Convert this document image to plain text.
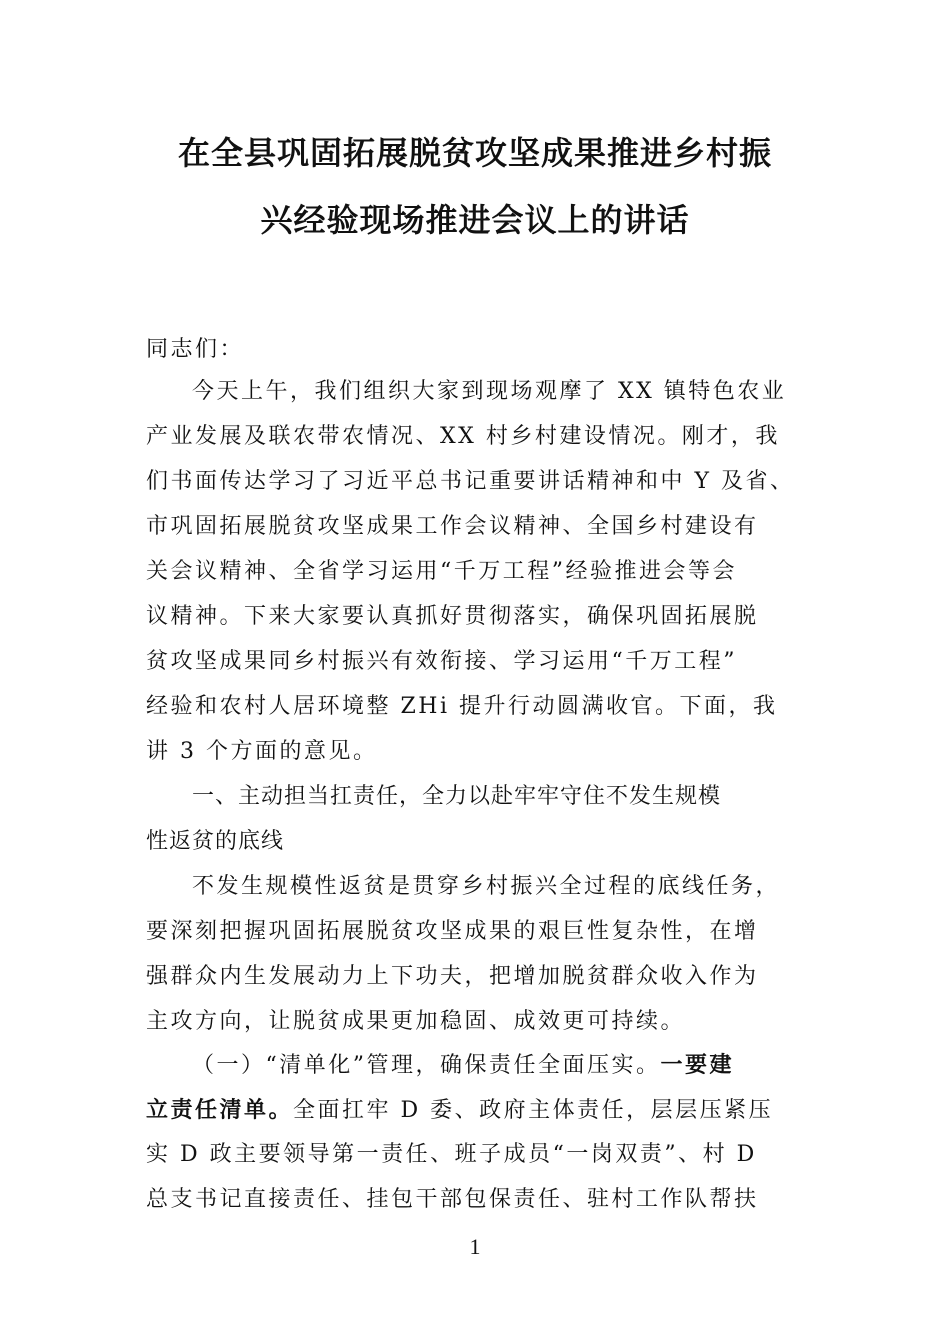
在全县巩固拓展脱贫攻坚成果推进乡村振
兴经验现场推进会议上的讲话
同志们：
今天上午，我们组织大家到现场观摩了 XX 镇特色农业
产业发展及联农带农情况、XX 村乡村建设情况。刚才，我
们书面传达学习了习近平总书记重要讲话精神和中 Y 及省、
市巩固拓展脱贫攻坚成果工作会议精神、全国乡村建设有
关会议精神、全省学习运用“千万工程”经验推进会等会
议精神。下来大家要认真抓好贯彻落实，确保巩固拓展脱
贫攻坚成果同乡村振兴有效衔接、学习运用“千万工程”
经验和农村人居环境整 ZHi 提升行动圆满收官。下面，我
讲 3 个方面的意见。
一、主动担当扛责任，全力以赴牢牢守住不发生规模
性返贫的底线
不发生规模性返贫是贯穿乡村振兴全过程的底线任务，
要深刻把握巩固拓展脱贫攻坚成果的艰巨性复杂性，在增
强群众内生发展动力上下功夫，把增加脱贫群众收入作为
主攻方向，让脱贫成果更加稳固、成效更可持续。
（一）“清单化”管理，确保责任全面压实。一要建
立责任清单。全面扛牢 D 委、政府主体责任，层层压紧压
实 D 政主要领导第一责任、班子成员“一岗双责”、村 D
总支书记直接责任、挂包干部包保责任、驻村工作队帮扶
1
